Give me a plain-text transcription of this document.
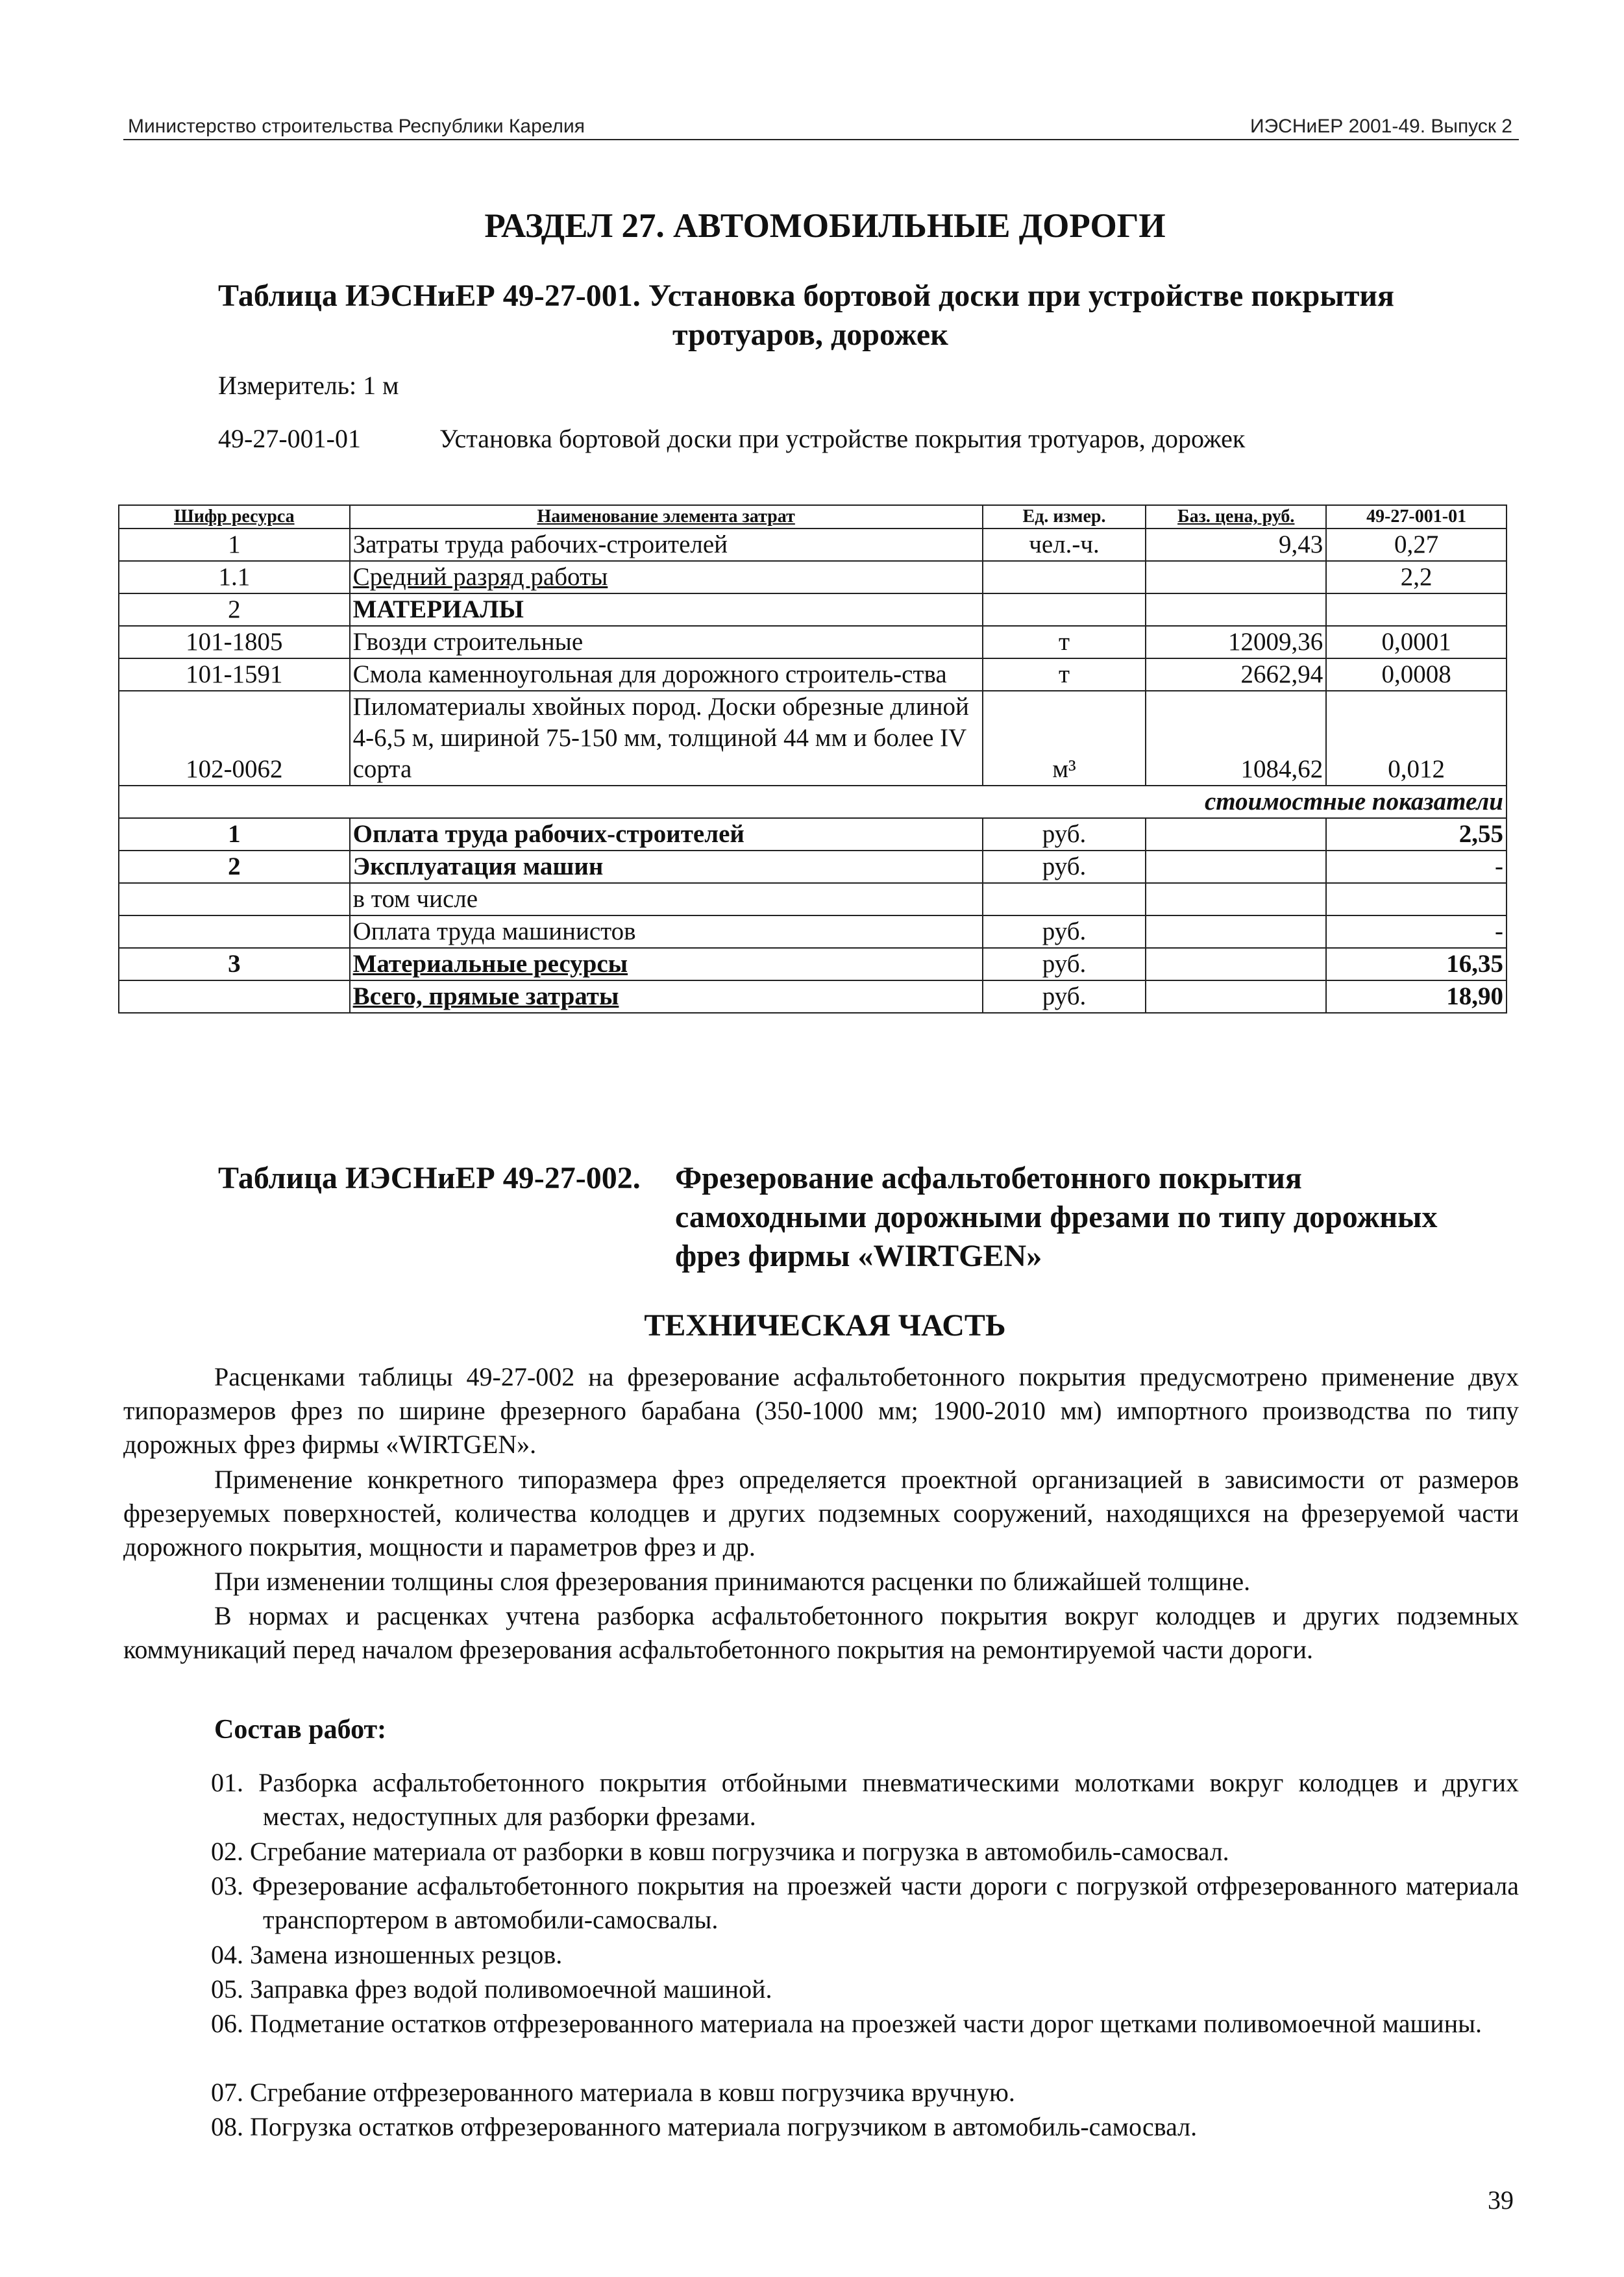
Министерство строительства Республики Карелия	ИЭСНиЕР 2001-49. Выпуск 2
РАЗДЕЛ 27. АВТОМОБИЛЬНЫЕ ДОРОГИ
Таблица ИЭСНиЕР 49-27-001. Установка бортовой доски при устройстве покрытия
тротуаров, дорожек
Измеритель: 1 м
49-27-001-01	Установка бортовой доски при устройстве покрытия тротуаров, дорожек
Шифр ресурса	Наименование элемента затрат	Ед. измер.	Баз. цена, руб.	49-27-001-01
1	Затраты труда рабочих-строителей	чел.-ч.	9,43	0,27
1.1	Средний разряд работы			2,2
2	МАТЕРИАЛЫ			
101-1805	Гвозди строительные	т	12009,36	0,0001
101-1591	Смола каменноугольная для дорожного строитель-ства	т	2662,94	0,0008
102-0062	Пиломатериалы хвойных пород. Доски обрезные длиной 4-6,5 м, шириной 75-150 мм, толщиной 44 мм и более IV сорта	м³	1084,62	0,012
стоимостные показатели				
1	Оплата труда рабочих-строителей	руб.		2,55
2	Эксплуатация машин	руб.		-
	в том числе			
	Оплата труда машинистов	руб.		-
3	Материальные ресурсы	руб.		16,35
	Всего, прямые затраты	руб.		18,90
Таблица ИЭСНиЕР 49-27-002. Фрезерование асфальтобетонного покрытия
самоходными дорожными фрезами по типу дорожных
фрез фирмы «WIRTGEN»
ТЕХНИЧЕСКАЯ ЧАСТЬ
Расценками таблицы 49-27-002 на фрезерование асфальтобетонного покрытия предусмотрено применение двух типоразмеров фрез по ширине фрезерного барабана (350-1000 мм; 1900-2010 мм) импортного производства по типу дорожных фрез фирмы «WIRTGEN».
Применение конкретного типоразмера фрез определяется проектной организацией в зависимости от размеров фрезеруемых поверхностей, количества колодцев и других подземных сооружений, находящихся на фрезеруемой части дорожного покрытия, мощности и параметров фрез и др.
При изменении толщины слоя фрезерования принимаются расценки по ближайшей толщине.
В нормах и расценках учтена разборка асфальтобетонного покрытия вокруг колодцев и других подземных коммуникаций перед началом фрезерования асфальтобетонного покрытия на ремонтируемой части дороги.
Состав работ:
01. Разборка асфальтобетонного покрытия отбойными пневматическими молотками вокруг колодцев и других местах, недоступных для разборки фрезами.
02. Сгребание материала от разборки в ковш погрузчика и погрузка в автомобиль-самосвал.
03. Фрезерование асфальтобетонного покрытия на проезжей части дороги с погрузкой отфрезерованного материала транспортером в автомобили-самосвалы.
04. Замена изношенных резцов.
05. Заправка фрез водой поливомоечной машиной.
06. Подметание остатков отфрезерованного материала на проезжей части дорог щетками поливомоечной машины.
07. Сгребание отфрезерованного материала в ковш погрузчика вручную.
08. Погрузка остатков отфрезерованного материала погрузчиком в автомобиль-самосвал.
39
